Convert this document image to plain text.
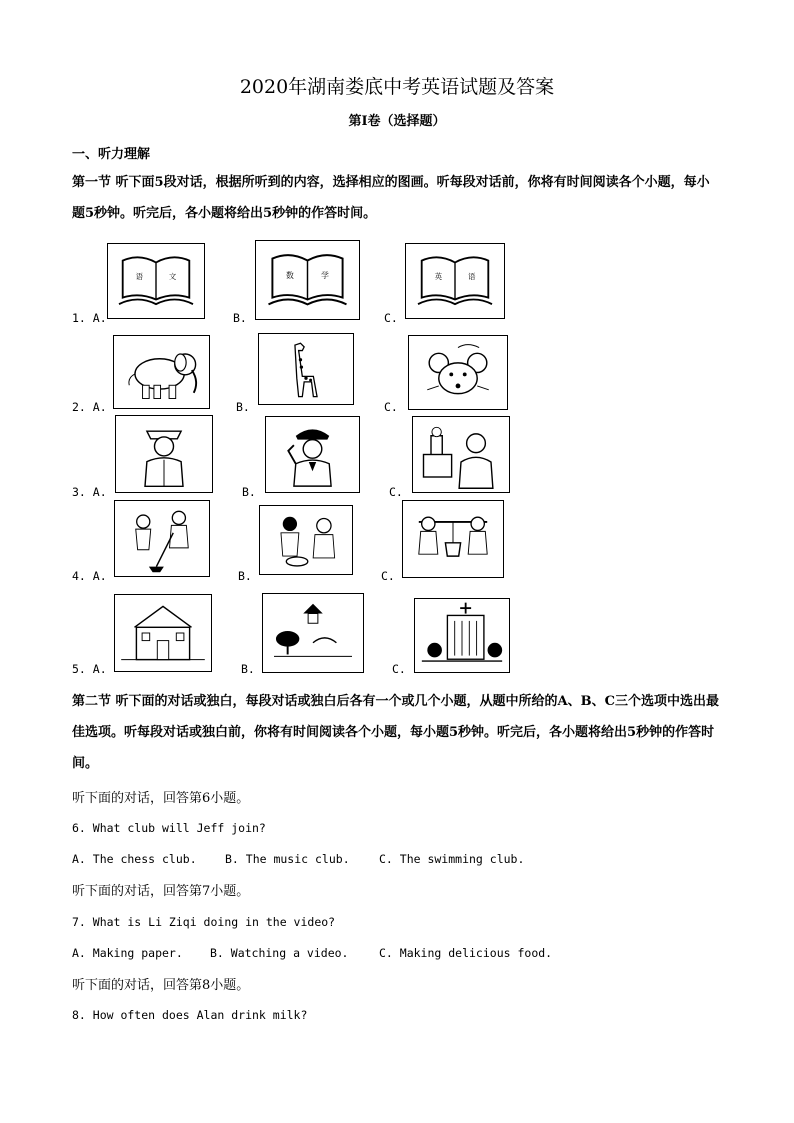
2020年湖南娄底中考英语试题及答案
第Ⅰ卷（选择题）
一、听力理解
第一节 听下面5段对话，根据所听到的内容，选择相应的图画。听每段对话前，你将有时间阅读各个小题，每小题5秒钟。听完后，各小题将给出5秒钟的作答时间。
1. A.
语	文
B.
数	学
C.
英	语
2. A.	B.	C.
3. A.	B.	C.
4. A.	B.	C.
5. A.	B.	C.
第二节 听下面的对话或独白，每段对话或独白后各有一个或几个小题，从题中所给的A、B、C三个选项中选出最佳选项。听每段对话或独白前，你将有时间阅读各个小题，每小题5秒钟。听完后，各小题将给出5秒钟的作答时间。
听下面的对话，回答第6小题。
6. What club will Jeff join?
A. The chess club. B. The music club.	C. The swimming club.
听下面的对话，回答第7小题。
7. What is Li Ziqi doing in the video?
A. Making paper. B. Watching a video.	C. Making delicious food.
听下面的对话，回答第8小题。
8. How often does Alan drink milk?
